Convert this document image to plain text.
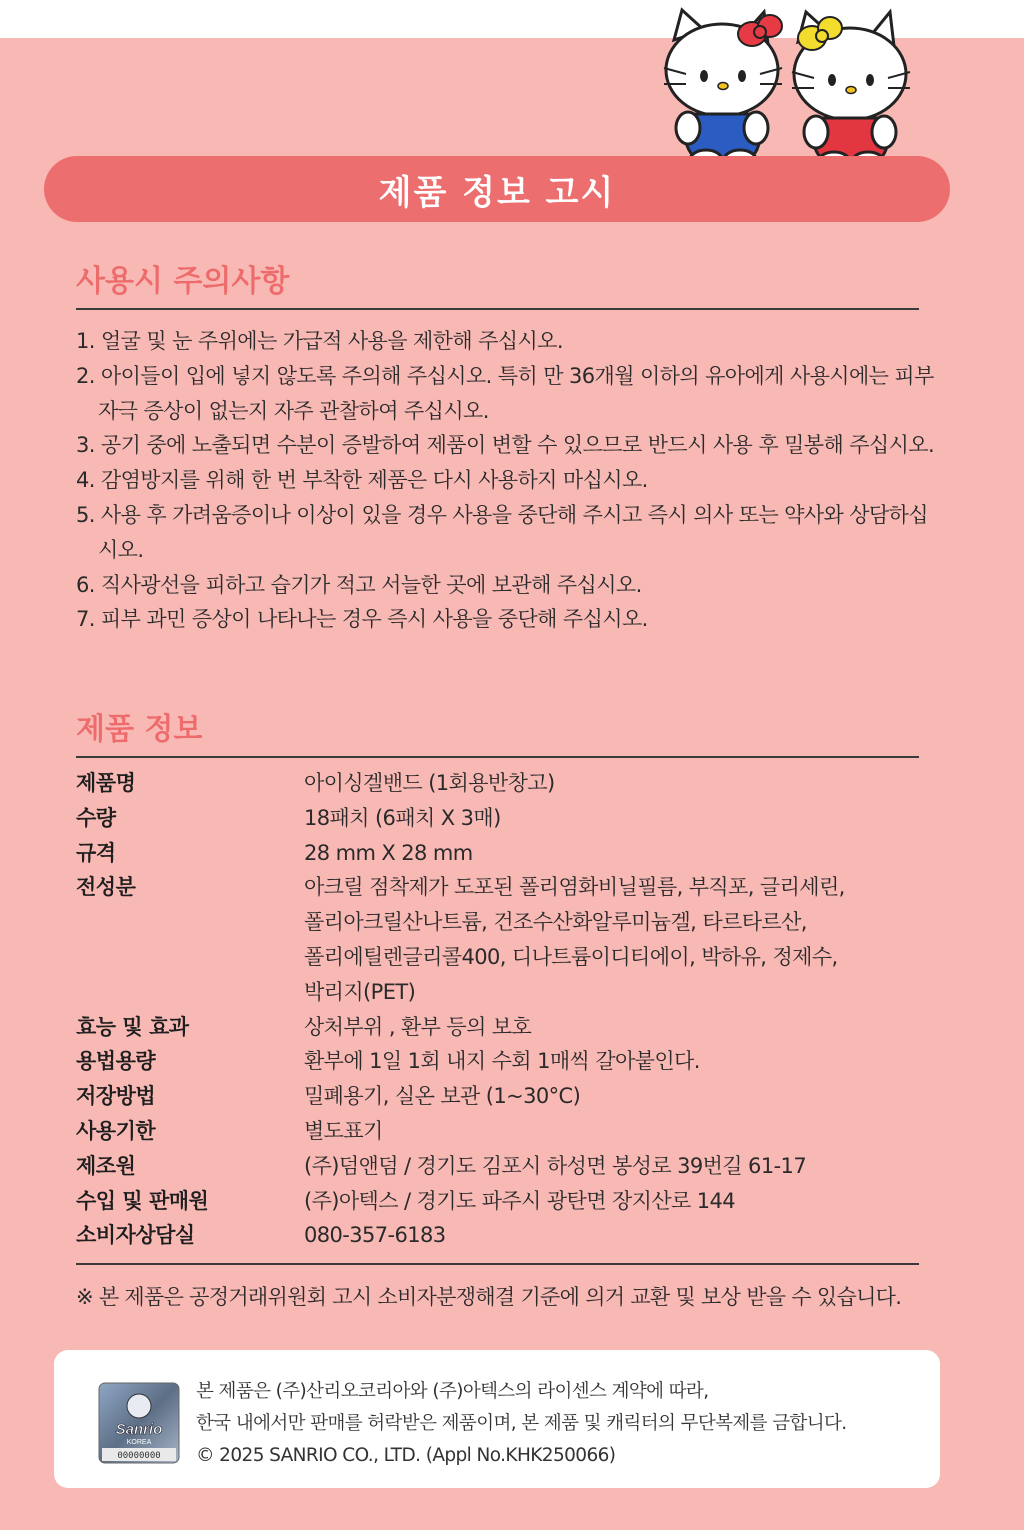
제품 정보 고시
사용시 주의사항
1. 얼굴 및 눈 주위에는 가급적 사용을 제한해 주십시오.
2. 아이들이 입에 넣지 않도록 주의해 주십시오. 특히 만 36개월 이하의 유아에게 사용시에는 피부 자극 증상이 없는지 자주 관찰하여 주십시오.
3. 공기 중에 노출되면 수분이 증발하여 제품이 변할 수 있으므로 반드시 사용 후 밀봉해 주십시오.
4. 감염방지를 위해 한 번 부착한 제품은 다시 사용하지 마십시오.
5. 사용 후 가려움증이나 이상이 있을 경우 사용을 중단해 주시고 즉시 의사 또는 약사와 상담하십시오.
6. 직사광선을 피하고 습기가 적고 서늘한 곳에 보관해 주십시오.
7. 피부 과민 증상이 나타나는 경우 즉시 사용을 중단해 주십시오.
제품 정보
제품명	아이싱겔밴드 (1회용반창고)
수량	18패치 (6패치 X 3매)
규격	28 mm X 28 mm
전성분	아크릴 점착제가 도포된 폴리염화비닐필름, 부직포, 글리세린,
폴리아크릴산나트륨, 건조수산화알루미늄겔, 타르타르산,
폴리에틸렌글리콜400, 디나트륨이디티에이, 박하유, 정제수,
박리지(PET)
효능 및 효과	상처부위 , 환부 등의 보호
용법용량	환부에 1일 1회 내지 수회 1매씩 갈아붙인다.
저장방법	밀폐용기, 실온 보관 (1~30°C)
사용기한	별도표기
제조원	(주)덤앤덤 / 경기도 김포시 하성면 봉성로 39번길 61-17
수입 및 판매원	(주)아텍스 / 경기도 파주시 광탄면 장지산로 144
소비자상담실	080-357-6183
※ 본 제품은 공정거래위원회 고시 소비자분쟁해결 기준에 의거 교환 및 보상 받을 수 있습니다.
Sanrio
KOREA
00000000
본 제품은 (주)산리오코리아와 (주)아텍스의 라이센스 계약에 따라,
한국 내에서만 판매를 허락받은 제품이며, 본 제품 및 캐릭터의 무단복제를 금합니다.
© 2025 SANRIO CO., LTD. (Appl No.KHK250066)
